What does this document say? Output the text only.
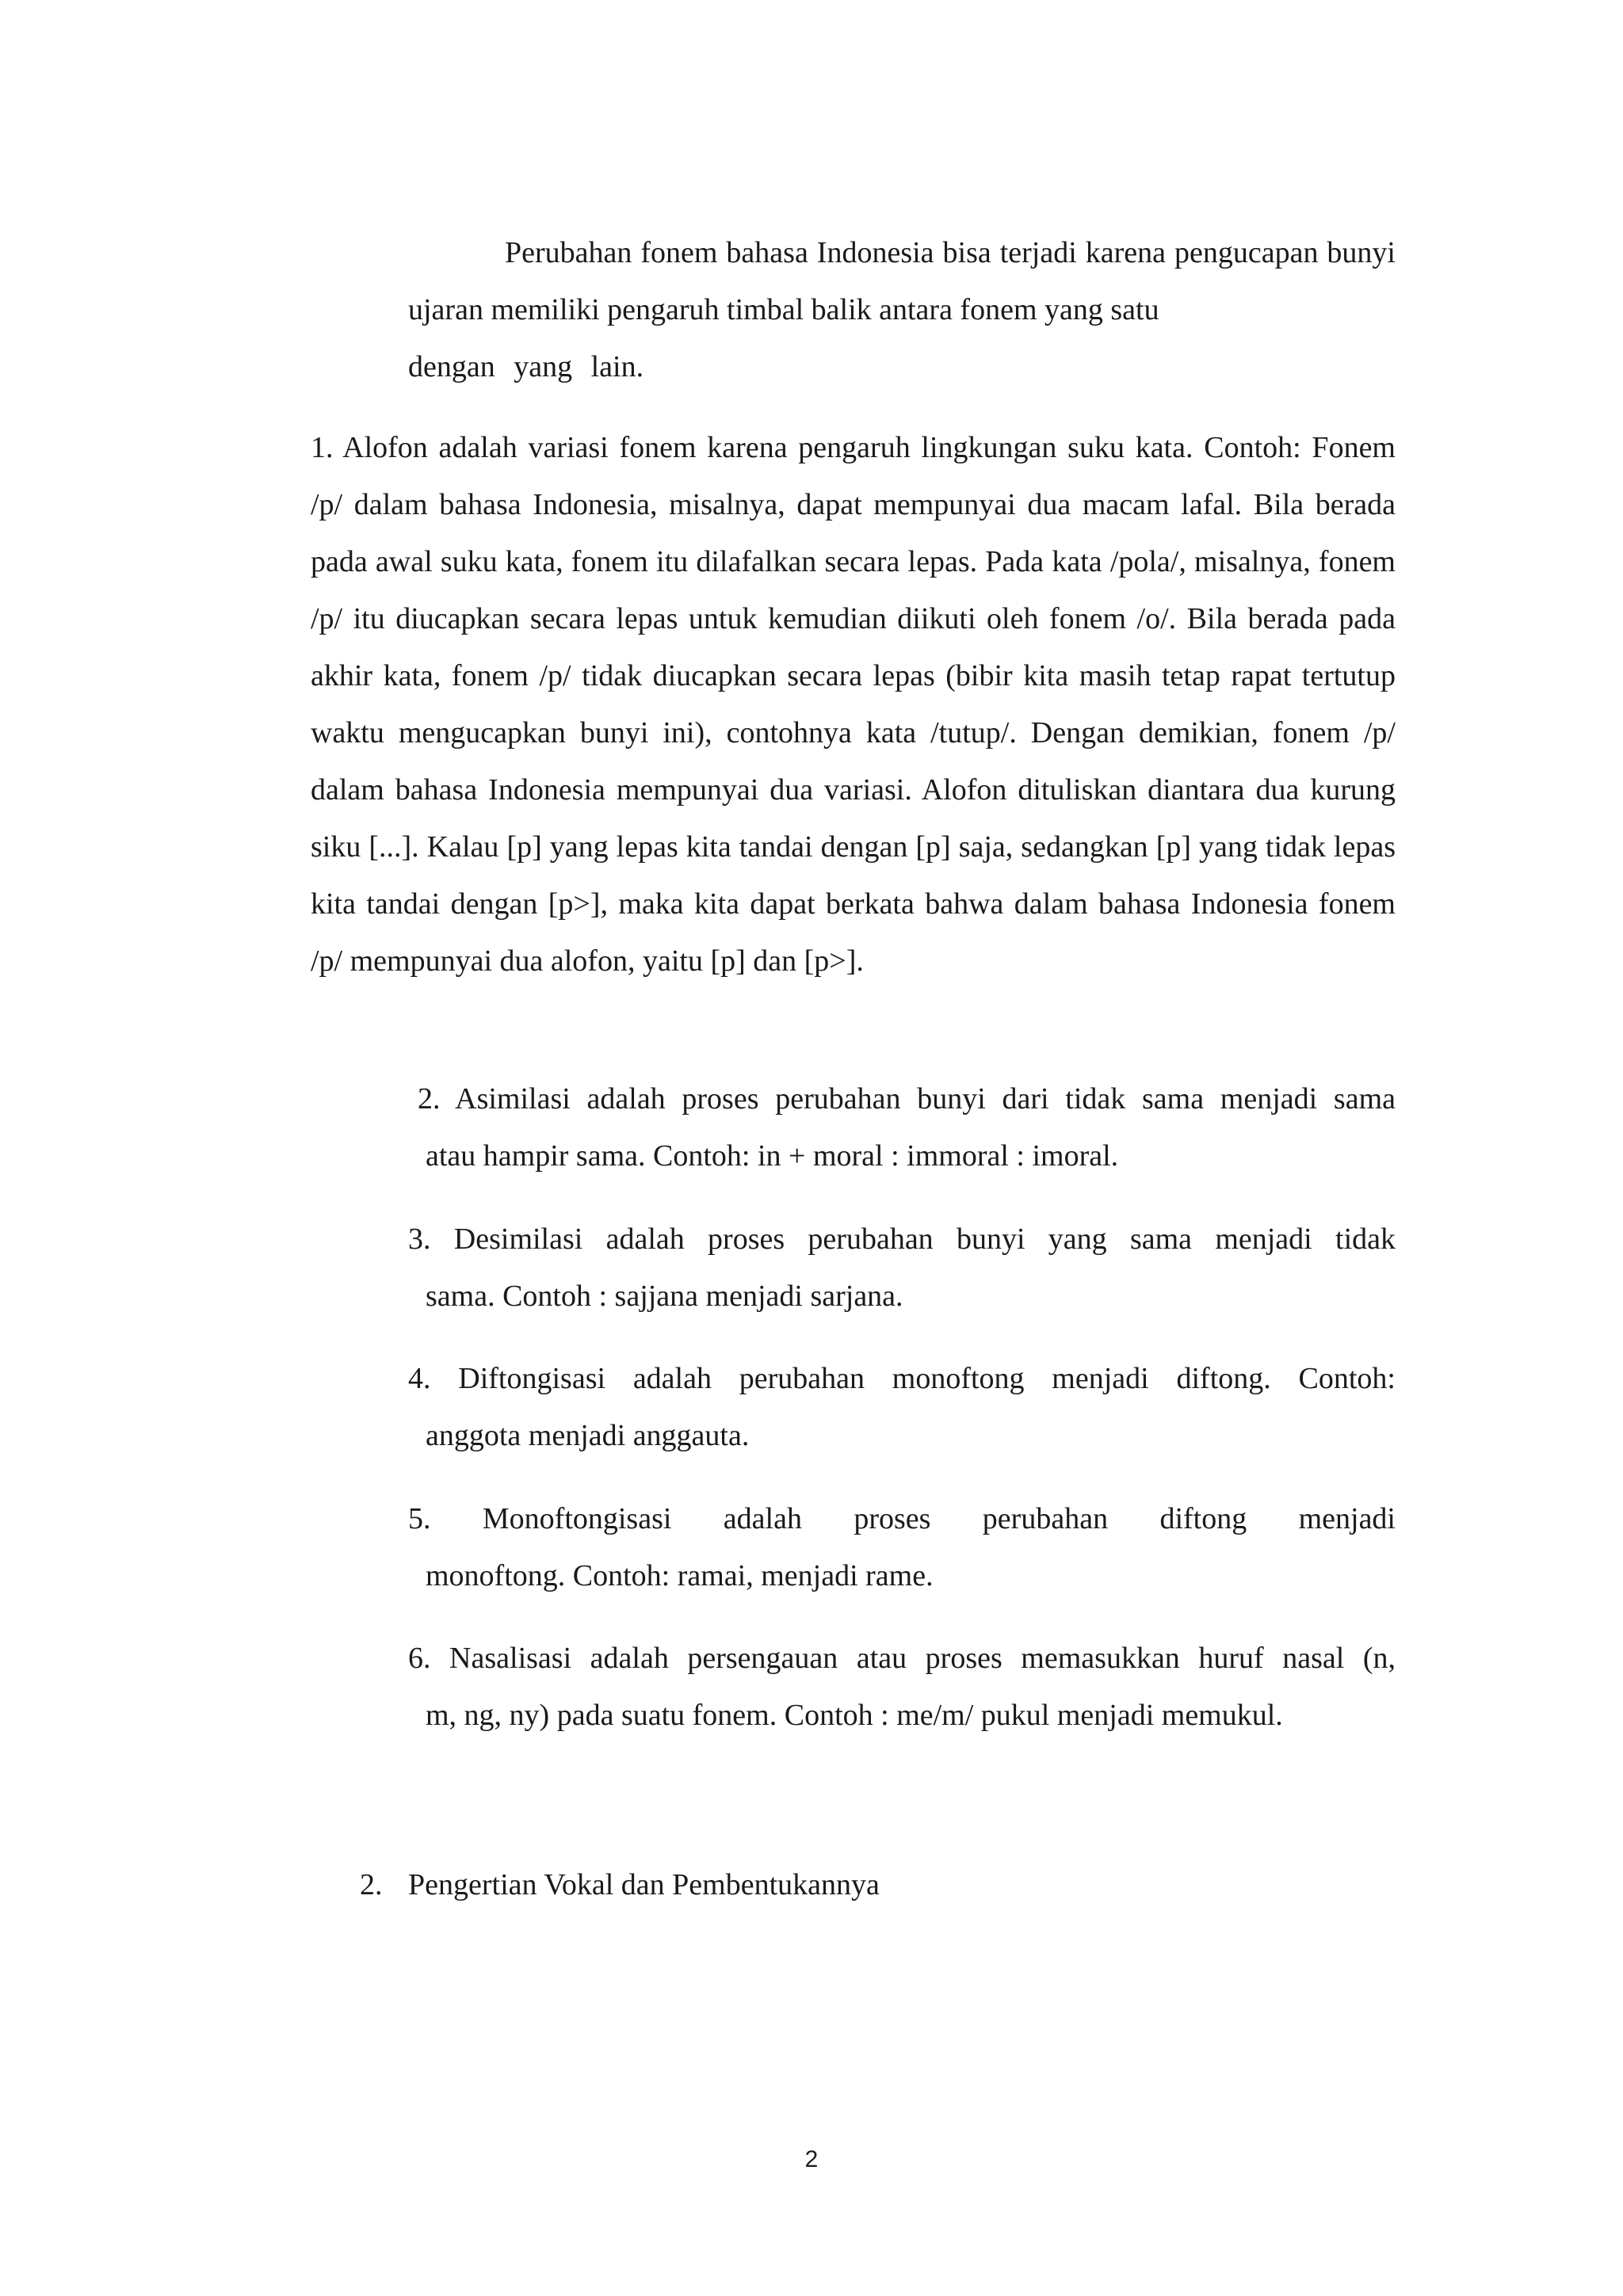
Perubahan fonem bahasa Indonesia bisa terjadi karena pengucapan bunyi ujaran memiliki pengaruh timbal balik antara fonem yang satu

dengan yang lain.

1. Alofon adalah variasi fonem karena pengaruh lingkungan suku kata. Contoh: Fonem /p/ dalam bahasa Indonesia, misalnya, dapat mempunyai dua macam lafal. Bila berada pada awal suku kata, fonem itu dilafalkan secara lepas. Pada kata /pola/, misalnya, fonem /p/ itu diucapkan secara lepas untuk kemudian diikuti oleh fonem /o/. Bila berada pada akhir kata, fonem /p/ tidak diucapkan secara lepas (bibir kita masih tetap rapat tertutup waktu mengucapkan bunyi ini), contohnya kata /tutup/. Dengan demikian, fonem /p/ dalam bahasa Indonesia mempunyai dua variasi. Alofon dituliskan diantara dua kurung siku [...]. Kalau [p] yang lepas kita tandai dengan [p] saja, sedangkan [p] yang tidak lepas kita tandai dengan [p˃], maka kita dapat berkata bahwa dalam bahasa Indonesia fonem /p/ mempunyai dua alofon, yaitu [p] dan [p˃].

2. Asimilasi adalah proses perubahan bunyi dari tidak sama menjadi sama
atau hampir sama. Contoh: in + moral : immoral : imoral.
3. Desimilasi adalah proses perubahan bunyi yang sama menjadi tidak
sama. Contoh : sajjana menjadi sarjana.
4. Diftongisasi adalah perubahan monoftong menjadi diftong. Contoh:
anggota menjadi anggauta.
5. Monoftongisasi adalah proses perubahan diftong menjadi
monoftong. Contoh: ramai, menjadi rame.
6. Nasalisasi adalah persengauan atau proses memasukkan huruf nasal (n,
m, ng, ny) pada suatu fonem. Contoh : me/m/ pukul menjadi memukul.

2. Pengertian Vokal dan Pembentukannya

2
